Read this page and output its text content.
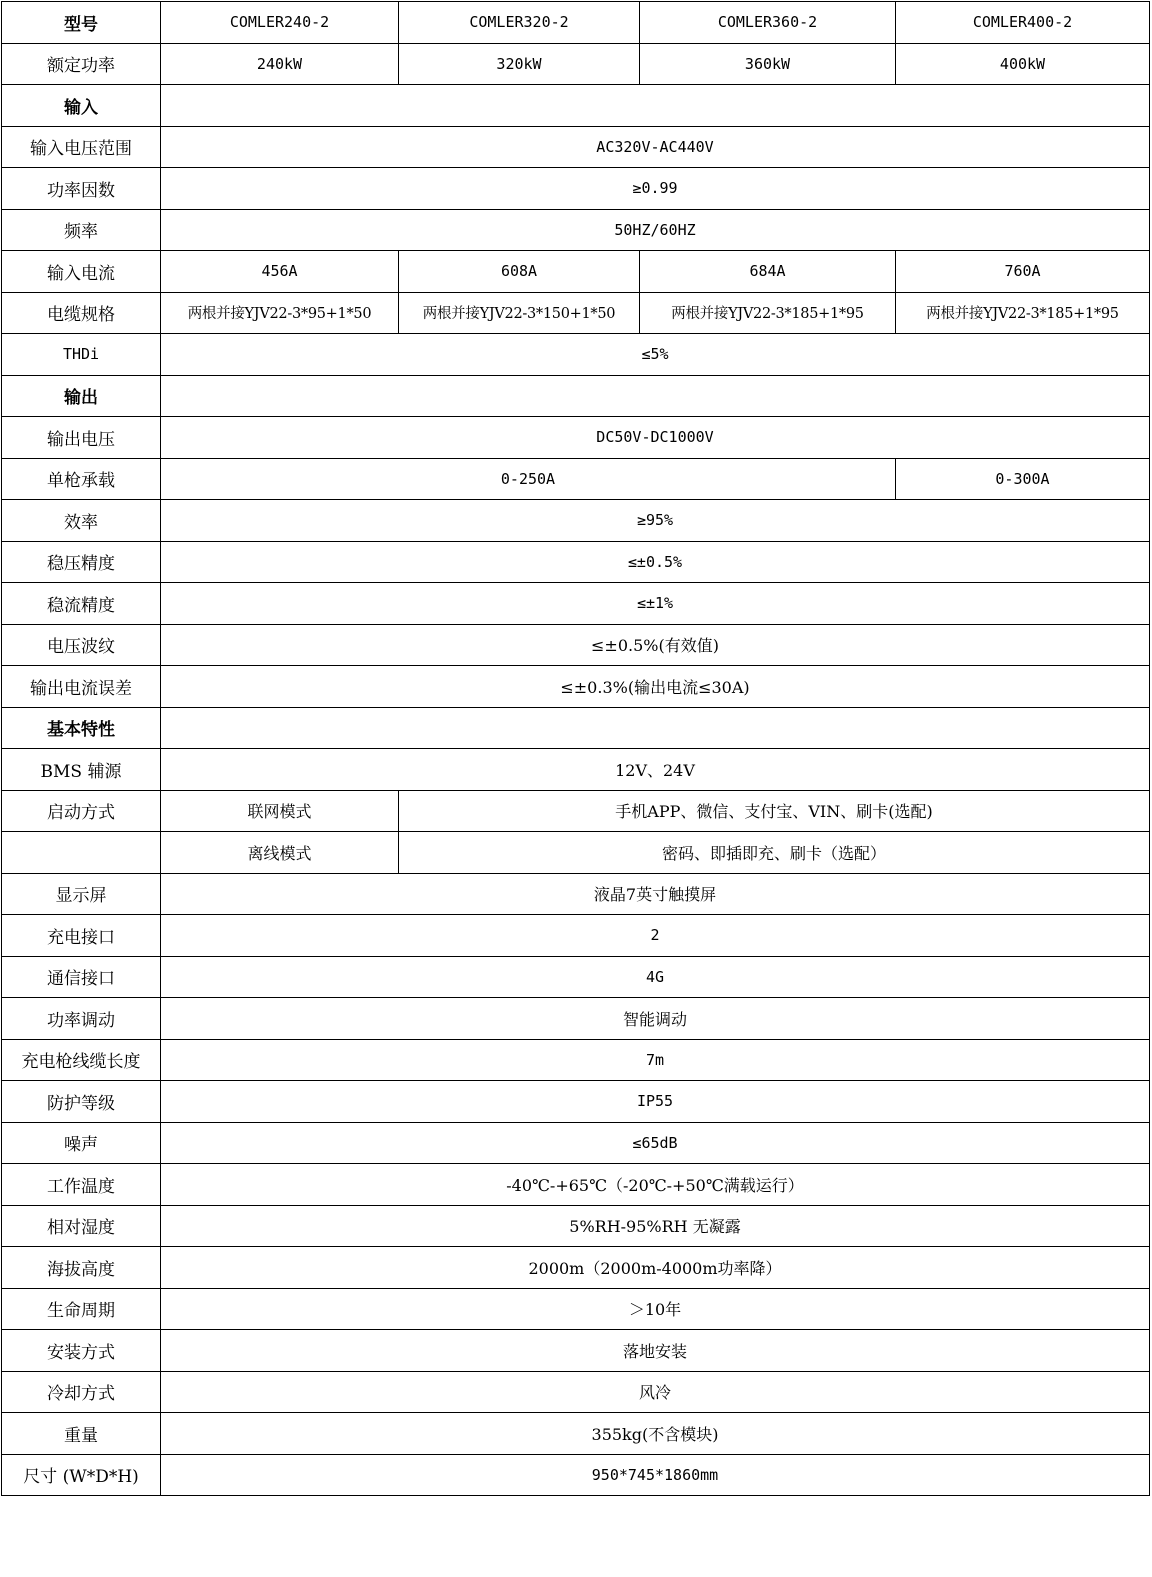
型号	COMLER240-2	COMLER320-2	COMLER360-2	COMLER400-2
额定功率	240kW	320kW	360kW	400kW
输入				
输入电压范围	AC320V-AC440V			
功率因数	≥0.99			
频率	50HZ/60HZ			
输入电流	456A	608A	684A	760A
电缆规格	两根并接YJV22-3*95+1*50	两根并接YJV22-3*150+1*50	两根并接YJV22-3*185+1*95	两根并接YJV22-3*185+1*95
THDi	≤5%			
输出				
输出电压	DC50V-DC1000V			
单枪承载	0-250A			0-300A
效率	≥95%			
稳压精度	≤±0.5%			
稳流精度	≤±1%			
电压波纹	≤±0.5%(有效值)			
输出电流误差	≤±0.3%(输出电流≤30A)			
基本特性				
BMS 辅源	12V、24V			
启动方式	联网模式	手机APP、微信、支付宝、VIN、刷卡(选配)		
	离线模式	密码、即插即充、刷卡（选配）		
显示屏	液晶7英寸触摸屏			
充电接口	2			
通信接口	4G			
功率调动	智能调动			
充电枪线缆长度	7m			
防护等级	IP55			
噪声	≤65dB			
工作温度	-40℃-+65℃（-20℃-+50℃满载运行）			
相对湿度	5%RH-95%RH 无凝露			
海拔高度	2000m（2000m-4000m功率降）			
生命周期	＞10年			
安装方式	落地安装			
冷却方式	风冷			
重量	355kg(不含模块)			
尺寸 (W*D*H)	950*745*1860mm			
